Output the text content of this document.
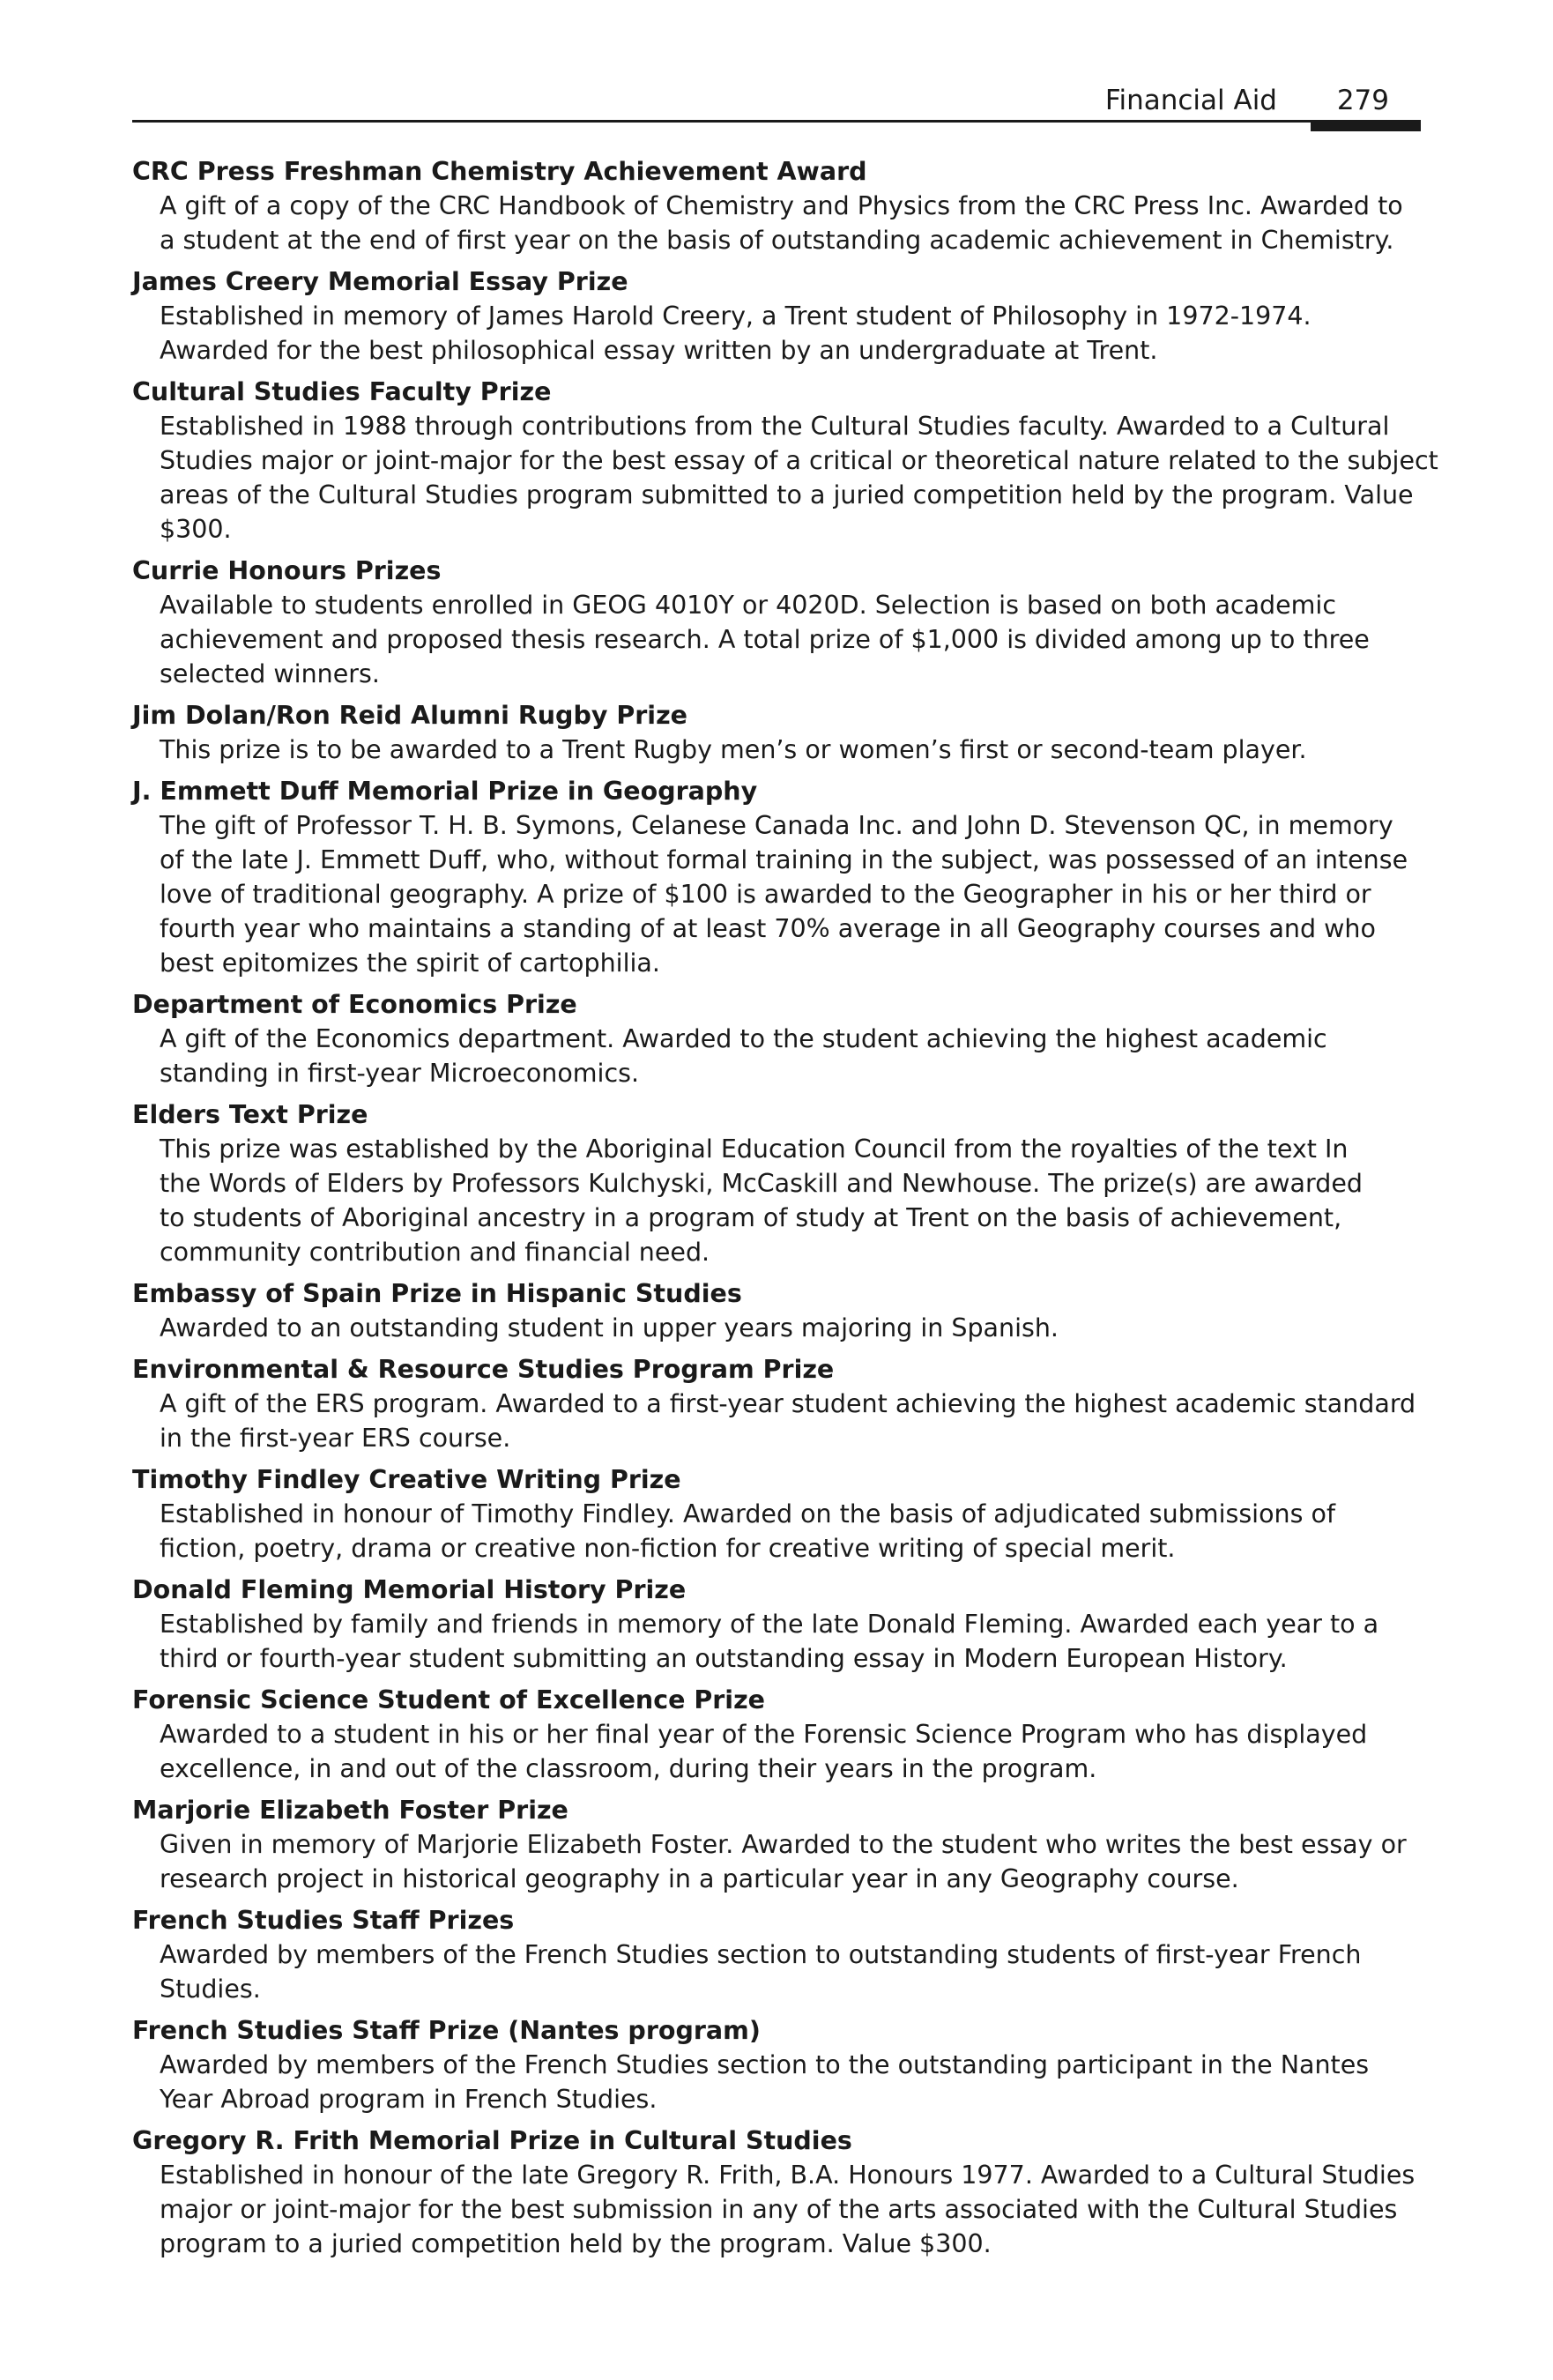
Financial Aid 279
CRC Press Freshman Chemistry Achievement Award
A gift of a copy of the CRC Handbook of Chemistry and Physics from the CRC Press Inc. Awarded to
a student at the end of first year on the basis of outstanding academic achievement in Chemistry.
James Creery Memorial Essay Prize
Established in memory of James Harold Creery, a Trent student of Philosophy in 1972-1974.
Awarded for the best philosophical essay written by an undergraduate at Trent.
Cultural Studies Faculty Prize
Established in 1988 through contributions from the Cultural Studies faculty. Awarded to a Cultural
Studies major or joint-major for the best essay of a critical or theoretical nature related to the subject
areas of the Cultural Studies program submitted to a juried competition held by the program. Value
$300.
Currie Honours Prizes
Available to students enrolled in GEOG 4010Y or 4020D. Selection is based on both academic
achievement and proposed thesis research. A total prize of $1,000 is divided among up to three
selected winners.
Jim Dolan/Ron Reid Alumni Rugby Prize
This prize is to be awarded to a Trent Rugby men’s or women’s first or second-team player.
J. Emmett Duff Memorial Prize in Geography
The gift of Professor T. H. B. Symons, Celanese Canada Inc. and John D. Stevenson QC, in memory
of the late J. Emmett Duff, who, without formal training in the subject, was possessed of an intense
love of traditional geography. A prize of $100 is awarded to the Geographer in his or her third or
fourth year who maintains a standing of at least 70% average in all Geography courses and who
best epitomizes the spirit of cartophilia.
Department of Economics Prize
A gift of the Economics department. Awarded to the student achieving the highest academic
standing in first-year Microeconomics.
Elders Text Prize
This prize was established by the Aboriginal Education Council from the royalties of the text In
the Words of Elders by Professors Kulchyski, McCaskill and Newhouse. The prize(s) are awarded
to students of Aboriginal ancestry in a program of study at Trent on the basis of achievement,
community contribution and financial need.
Embassy of Spain Prize in Hispanic Studies
Awarded to an outstanding student in upper years majoring in Spanish.
Environmental & Resource Studies Program Prize
A gift of the ERS program. Awarded to a first-year student achieving the highest academic standard
in the first-year ERS course.
Timothy Findley Creative Writing Prize
Established in honour of Timothy Findley. Awarded on the basis of adjudicated submissions of
fiction, poetry, drama or creative non-fiction for creative writing of special merit.
Donald Fleming Memorial History Prize
Established by family and friends in memory of the late Donald Fleming. Awarded each year to a
third or fourth-year student submitting an outstanding essay in Modern European History.
Forensic Science Student of Excellence Prize
Awarded to a student in his or her final year of the Forensic Science Program who has displayed
excellence, in and out of the classroom, during their years in the program.
Marjorie Elizabeth Foster Prize
Given in memory of Marjorie Elizabeth Foster. Awarded to the student who writes the best essay or
research project in historical geography in a particular year in any Geography course.
French Studies Staff Prizes
Awarded by members of the French Studies section to outstanding students of first-year French
Studies.
French Studies Staff Prize (Nantes program)
Awarded by members of the French Studies section to the outstanding participant in the Nantes
Year Abroad program in French Studies.
Gregory R. Frith Memorial Prize in Cultural Studies
Established in honour of the late Gregory R. Frith, B.A. Honours 1977. Awarded to a Cultural Studies
major or joint-major for the best submission in any of the arts associated with the Cultural Studies
program to a juried competition held by the program. Value $300.
